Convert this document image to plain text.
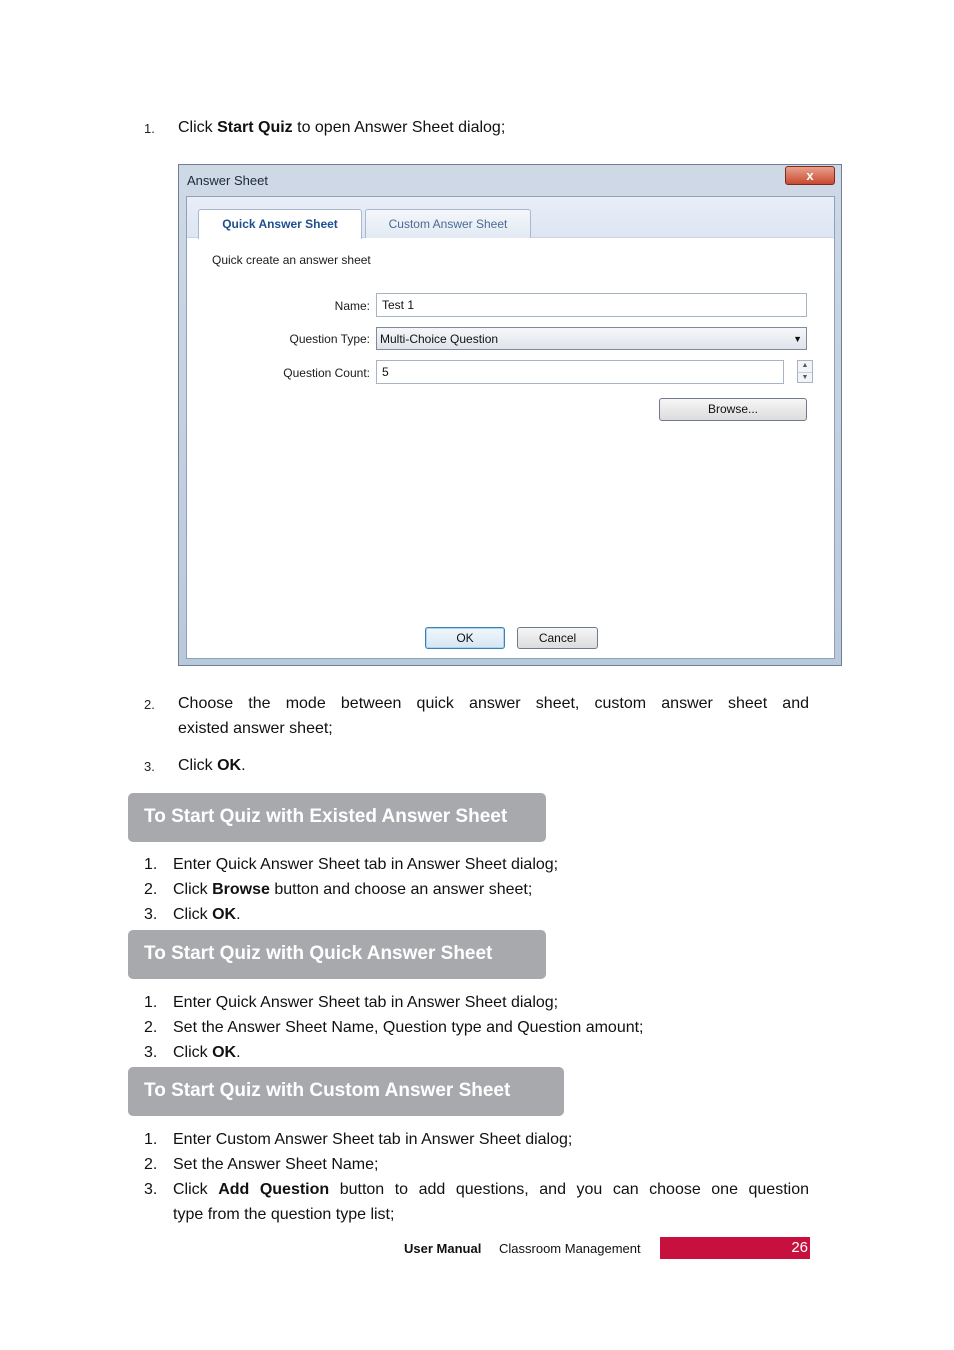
1. Click Start Quiz to open Answer Sheet dialog;
Answer Sheet	x
Quick Answer Sheet	Custom Answer Sheet
Quick create an answer sheet
Name:	Test 1
Question Type: Multi-Choice Question	▼
Question Count:	5	▲
▼
Browse...
OK	Cancel
2. Choose the mode between quick answer sheet, custom answer sheet and
existed answer sheet;
3. Click OK.
To Start Quiz with Existed Answer Sheet
1. Enter Quick Answer Sheet tab in Answer Sheet dialog;
2. Click Browse button and choose an answer sheet;
3. Click OK.
To Start Quiz with Quick Answer Sheet
1. Enter Quick Answer Sheet tab in Answer Sheet dialog;
2. Set the Answer Sheet Name, Question type and Question amount;
3. Click OK.
To Start Quiz with Custom Answer Sheet
1. Enter Custom Answer Sheet tab in Answer Sheet dialog;
2. Set the Answer Sheet Name;
3. Click Add Question button to add questions, and you can choose one question
type from the question type list;
User Manual Classroom Management	26
